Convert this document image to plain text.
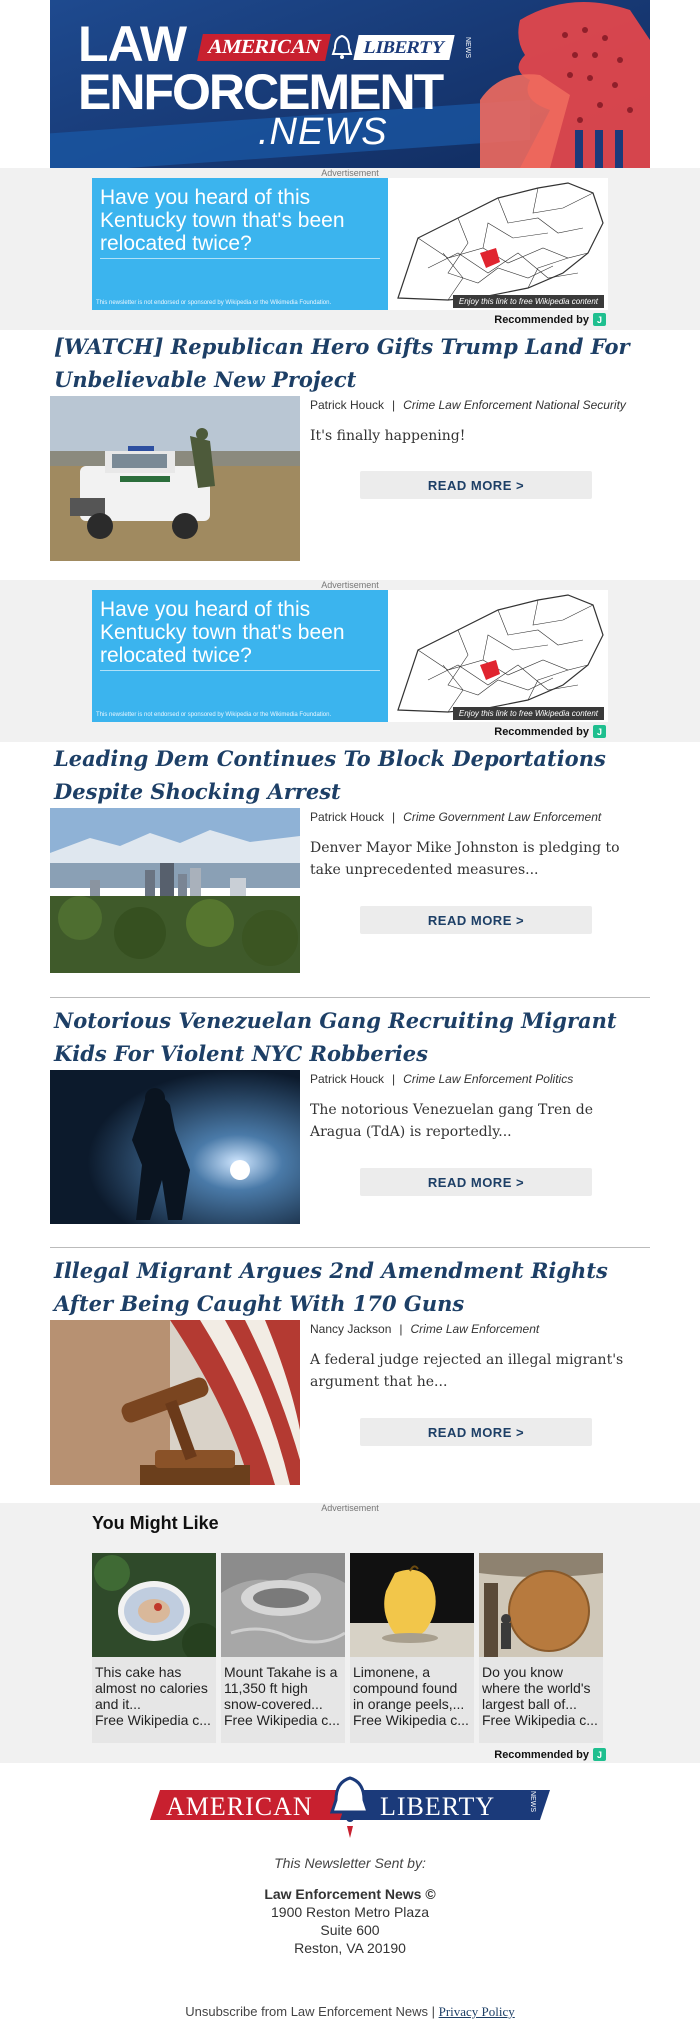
LAW
ENFORCEMENT
.NEWS
AMERICAN	LIBERTY	NEWS
Advertisement
Have you heard of this Kentucky town that's been relocated twice?
This newsletter is not endorsed or sponsored by Wikipedia or the Wikimedia Foundation.	Enjoy this link to free Wikipedia content
Recommended by J
[WATCH] Republican Hero Gifts Trump Land For Unbelievable New Project
Patrick Houck | Crime Law Enforcement National Security
It's finally happening!
READ MORE >
Advertisement
Have you heard of this Kentucky town that's been relocated twice?
This newsletter is not endorsed or sponsored by Wikipedia or the Wikimedia Foundation.	Enjoy this link to free Wikipedia content
Recommended by J
Leading Dem Continues To Block Deportations Despite Shocking Arrest
Patrick Houck | Crime Government Law Enforcement
Denver Mayor Mike Johnston is pledging to take unprecedented measures...
READ MORE >
Notorious Venezuelan Gang Recruiting Migrant Kids For Violent NYC Robberies
Patrick Houck | Crime Law Enforcement Politics
The notorious Venezuelan gang Tren de Aragua (TdA) is reportedly...
READ MORE >
Illegal Migrant Argues 2nd Amendment Rights After Being Caught With 170 Guns
Nancy Jackson | Crime Law Enforcement
A federal judge rejected an illegal migrant's argument that he...
READ MORE >
Advertisement
You Might Like
This cake has almost no calories and it...
Free Wikipedia c...
Mount Takahe is a 11,350 ft high snow-covered...
Free Wikipedia c...
Limonene, a compound found in orange peels,...
Free Wikipedia c...
Do you know where the world's largest ball of...
Free Wikipedia c...
Recommended by J
AMERICAN	LIBERTY	NEWS
This Newsletter Sent by:
Law Enforcement News ©
1900 Reston Metro Plaza
Suite 600
Reston, VA 20190
Unsubscribe from Law Enforcement News | Privacy Policy
